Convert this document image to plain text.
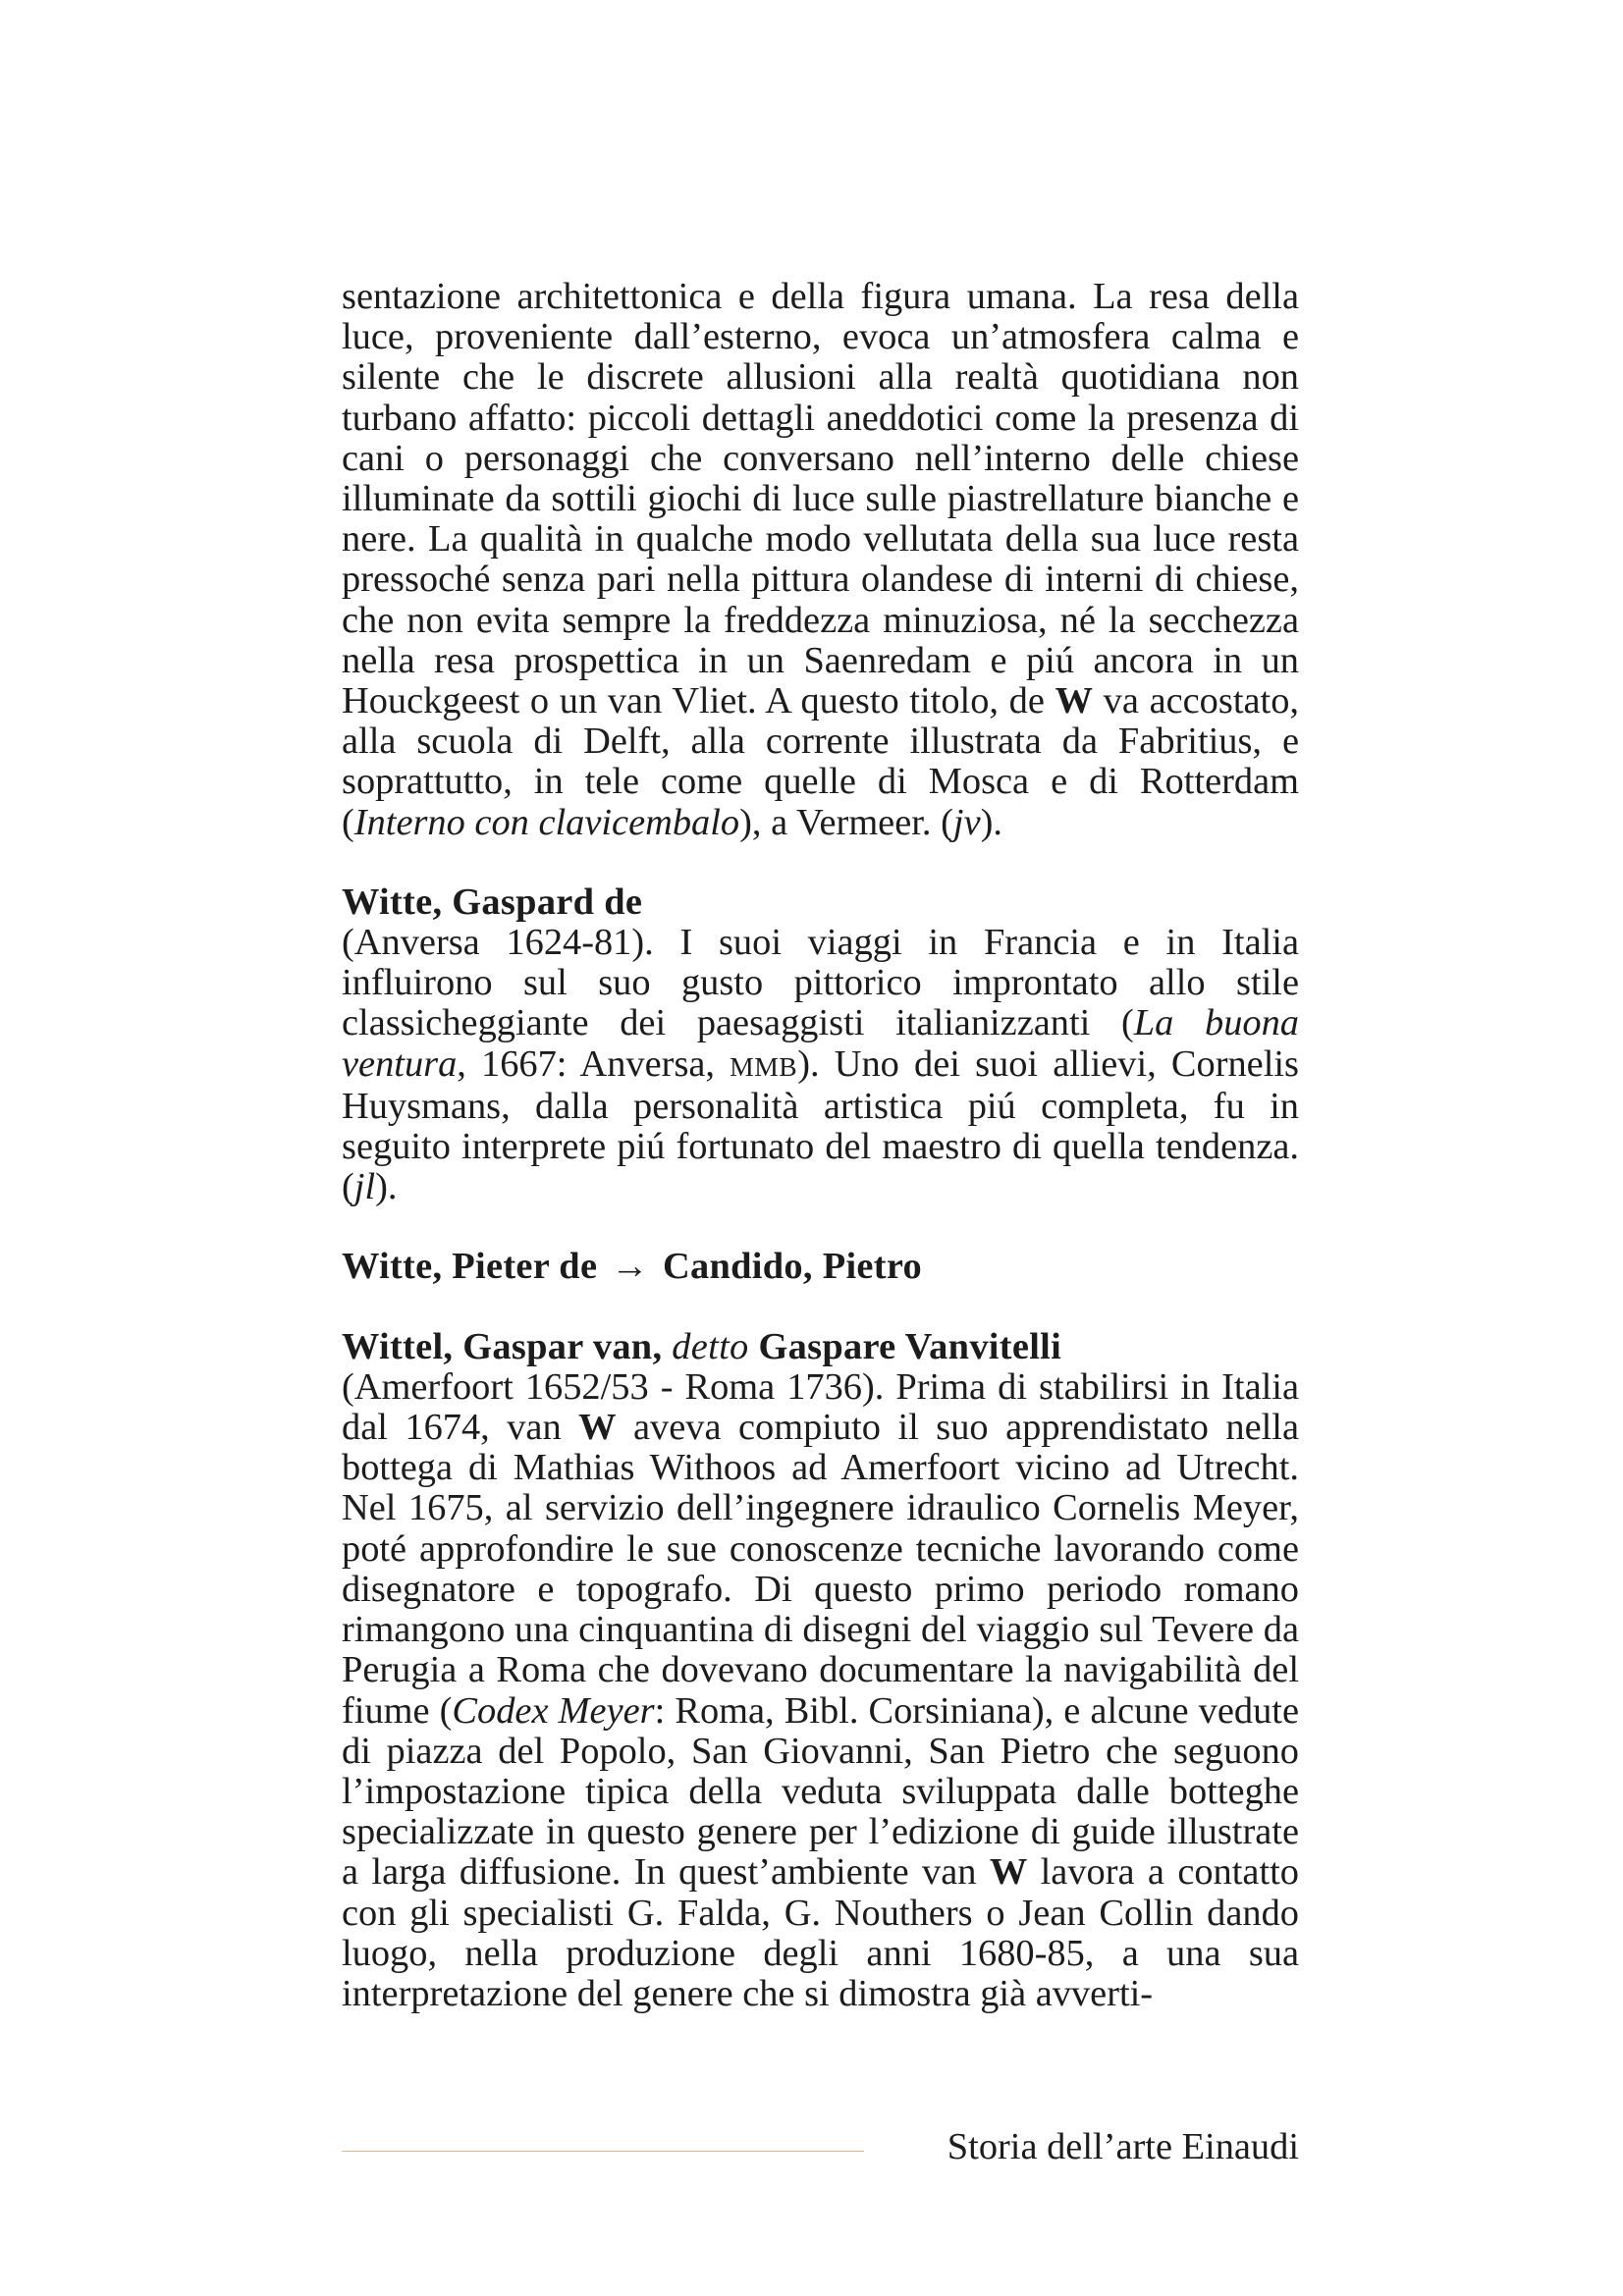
sentazione architettonica e della figura umana. La resa della luce, proveniente dall’esterno, evoca un’atmosfera calma e silente che le discrete allusioni alla realtà quotidiana non turbano affatto: piccoli dettagli aneddotici come la presenza di cani o personaggi che conversano nell’interno delle chiese illuminate da sottili giochi di luce sulle piastrellature bianche e nere. La qualità in qualche modo vellutata della sua luce resta pressoché senza pari nella pittura olandese di interni di chiese, che non evita sempre la freddezza minuziosa, né la secchezza nella resa prospettica in un Saenredam e piú ancora in un Houckgeest o un van Vliet. A questo titolo, de W va accostato, alla scuola di Delft, alla corrente illustrata da Fabritius, e soprattutto, in tele come quelle di Mosca e di Rotterdam (Interno con clavicembalo), a Vermeer. (jv).

Witte, Gaspard de

(Anversa 1624-81). I suoi viaggi in Francia e in Italia influirono sul suo gusto pittorico improntato allo stile classicheggiante dei paesaggisti italianizzanti (La buona ventura, 1667: Anversa, MMB). Uno dei suoi allievi, Cornelis Huysmans, dalla personalità artistica piú completa, fu in seguito interprete piú fortunato del maestro di quella tendenza. (jl).

Witte, Pieter de → Candido, Pietro
Wittel, Gaspar van, detto Gaspare Vanvitelli

(Amerfoort 1652/53 - Roma 1736). Prima di stabilirsi in Italia dal 1674, van W aveva compiuto il suo apprendistato nella bottega di Mathias Withoos ad Amerfoort vicino ad Utrecht. Nel 1675, al servizio dell’ingegnere idraulico Cornelis Meyer, poté approfondire le sue conoscenze tecniche lavorando come disegnatore e topografo. Di questo primo periodo romano rimangono una cinquantina di disegni del viaggio sul Tevere da Perugia a Roma che dovevano documentare la navigabilità del fiume (Codex Meyer: Roma, Bibl. Corsiniana), e alcune vedute di piazza del Popolo, San Giovanni, San Pietro che seguono l’impostazione tipica della veduta sviluppata dalle botteghe specializzate in questo genere per l’edizione di guide illustrate a larga diffusione. In quest’ambiente van W lavora a contatto con gli specialisti G. Falda, G. Nouthers o Jean Collin dando luogo, nella produzione degli anni 1680-85, a una sua interpretazione del genere che si dimostra già avverti-

Storia dell’arte Einaudi
